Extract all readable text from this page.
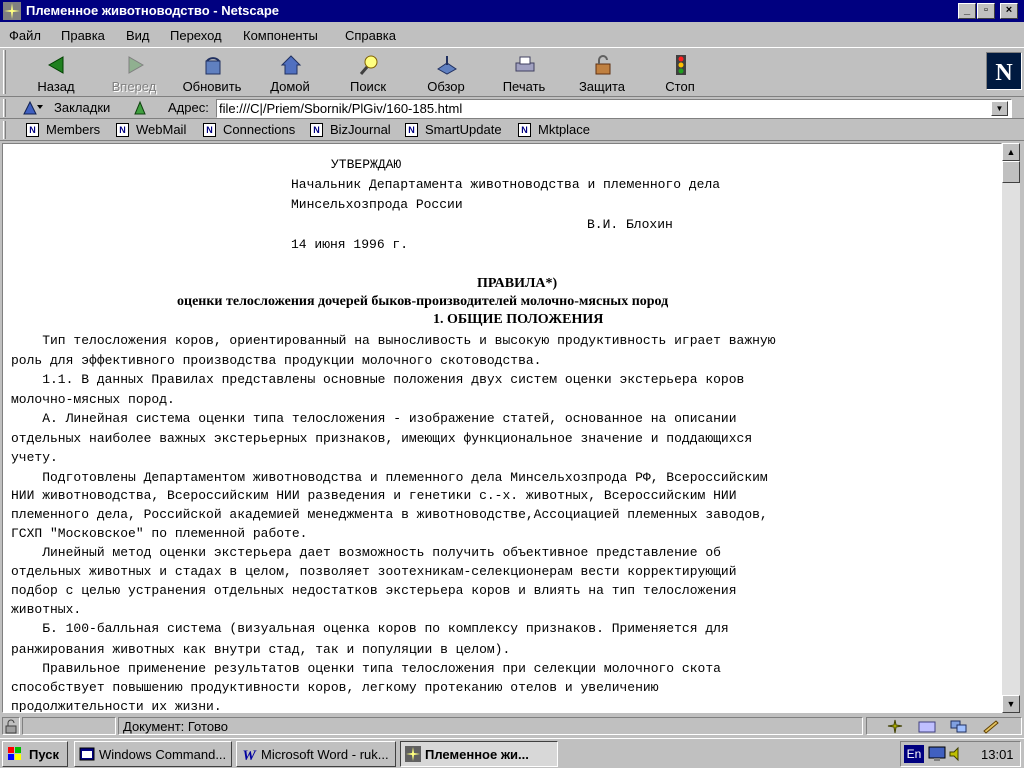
Племенное животноводство - Netscape	_	▫	×
Файл Правка Вид Переход Компоненты Справка
Назад	Вперед	Обновить	Домой	Поиск	Обзор	Печать	Защита	Стоп
N
Закладки	Адрес: file:///C|/Priem/Sbornik/PlGiv/160-185.html	▼
N Members	N WebMail	N Connections	N BizJournal	N SmartUpdate	N Mktplace
УТВЕРЖДАЮ
Начальник Департамента животноводства и племенного дела
Минсельхозпрода России
В.И. Блохин
14 июня 1996 г.
ПРАВИЛА*)
оценки телосложения дочерей быков-производителей молочно-мясных пород
1. ОБЩИЕ ПОЛОЖЕНИЯ
Тип телосложения коров, ориентированный на выносливость и высокую продуктивность играет важную
роль для эффективного производства продукции молочного скотоводства.
1.1. В данных Правилах представлены основные положения двух систем оценки экстерьера коров
молочно-мясных пород.
А. Линейная система оценки типа телосложения - изображение статей, основанное на описании
отдельных наиболее важных экстерьерных признаков, имеющих функциональное значение и поддающихся
учету.
Подготовлены Департаментом животноводства и племенного дела Минсельхозпрода РФ, Всероссийским
НИИ животноводства, Всероссийским НИИ разведения и генетики с.-х. животных, Всероссийским НИИ
племенного дела, Российской академией менеджмента в животноводстве,Ассоциацией племенных заводов,
ГСХП "Московское" по племенной работе.
Линейный метод оценки экстерьера дает возможность получить объективное представление об
отдельных животных и стадах в целом, позволяет зоотехникам-селекционерам вести корректирующий
подбор с целью устранения отдельных недостатков экстерьера коров и влиять на тип телосложения
животных.
Б. 100-балльная система (визуальная оценка коров по комплексу признаков. Применяется для
ранжирования животных как внутри стад, так и популяции в целом).
Правильное применение результатов оценки типа телосложения при селекции молочного скота
способствует повышению продуктивности коров, легкому протеканию отелов и увеличению
продолжительности их жизни.
▲
▼
Документ: Готово
Пуск	Windows Command... W Microsoft Word - ruk...	Племенное жи...	En	13:01
